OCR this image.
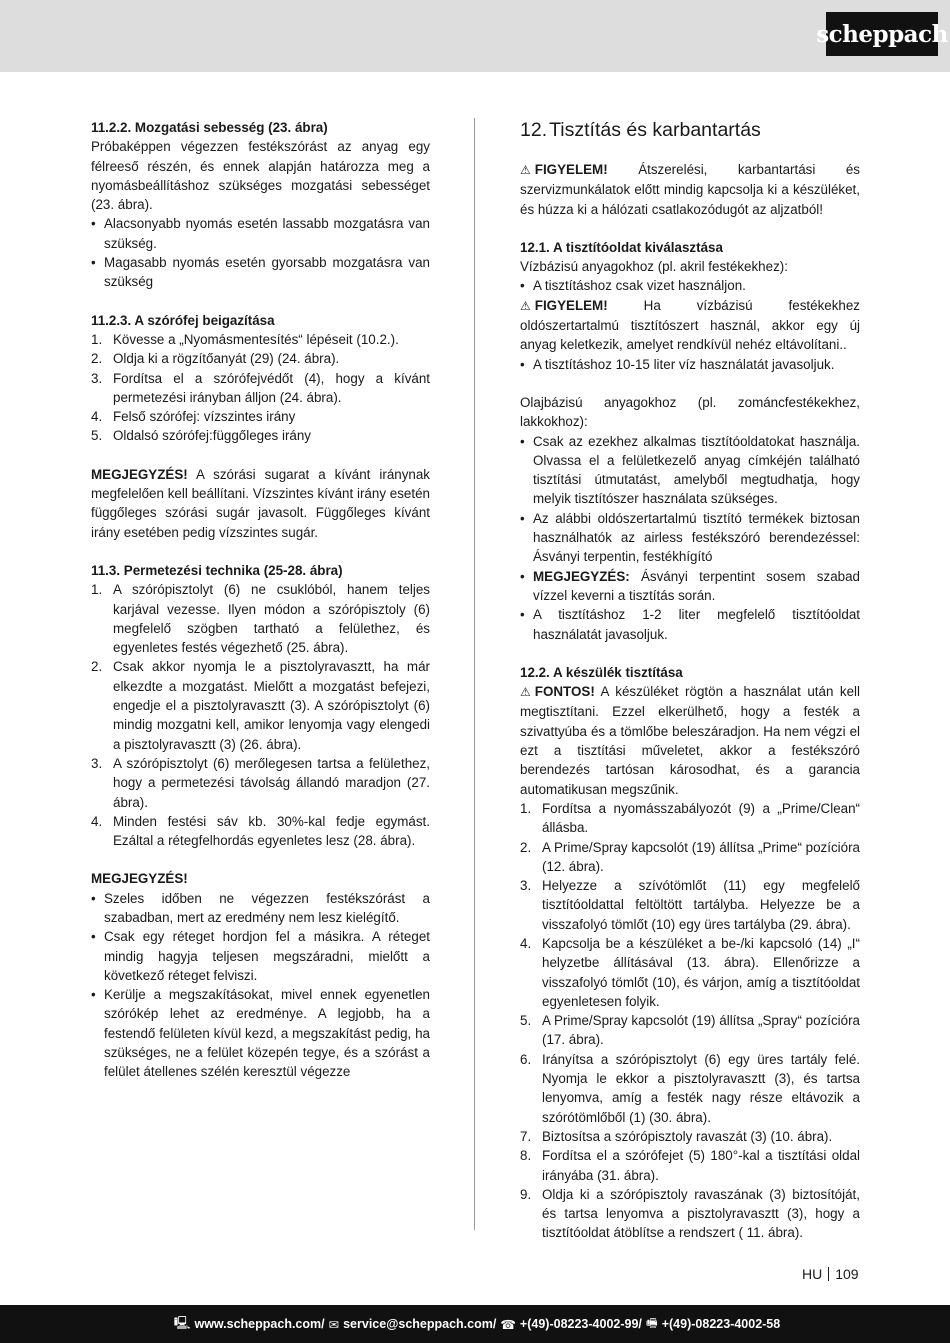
scheppach
11.2.2. Mozgatási sebesség (23. ábra)

Próbaképpen végezzen festékszórást az anyag egy félreeső részén, és ennek alapján határozza meg a nyomásbeállításhoz szükséges mozgatási sebességet (23. ábra).

• Alacsonyabb nyomás esetén lassabb mozgatásra van szükség.
• Magasabb nyomás esetén gyorsabb mozgatásra van szükség
11.2.3. A szórófej beigazítása
1. Kövesse a „Nyomásmentesítés“ lépéseit (10.2.).
2. Oldja ki a rögzítőanyát (29) (24. ábra).
3. Fordítsa el a szórófejvédőt (4), hogy a kívánt permetezési irányban álljon (24. ábra).
4. Felső szórófej: vízszintes irány
5. Oldalsó szórófej:függőleges irány

MEGJEGYZÉS! A szórási sugarat a kívánt iránynak megfelelően kell beállítani. Vízszintes kívánt irány esetén függőleges szórási sugár javasolt. Függőleges kívánt irány esetében pedig vízszintes sugár.

11.3. Permetezési technika (25-28. ábra)
1. A szórópisztolyt (6) ne csuklóból, hanem teljes karjával vezesse. Ilyen módon a szórópisztoly (6) megfelelő szögben tartható a felülethez, és egyenletes festés végezhető (25. ábra).
2. Csak akkor nyomja le a pisztolyravasztt, ha már elkezdte a mozgatást. Mielőtt a mozgatást befejezi, engedje el a pisztolyravasztt (3). A szórópisztolyt (6) mindig mozgatni kell, amikor lenyomja vagy elengedi a pisztolyravasztt (3) (26. ábra).
3. A szórópisztolyt (6) merőlegesen tartsa a felülethez, hogy a permetezési távolság állandó maradjon (27. ábra).
4. Minden festési sáv kb. 30%-kal fedje egymást. Ezáltal a rétegfelhordás egyenletes lesz (28. ábra).
MEGJEGYZÉS!
• Szeles időben ne végezzen festékszórást a szabadban, mert az eredmény nem lesz kielégítő.
• Csak egy réteget hordjon fel a másikra. A réteget mindig hagyja teljesen megszáradni, mielőtt a következő réteget felviszi.
• Kerülje a megszakításokat, mivel ennek egyenetlen szórókép lehet az eredménye. A legjobb, ha a festendő felületen kívül kezd, a megszakítást pedig, ha szükséges, ne a felület közepén tegye, és a szórást a felület átellenes szélén keresztül végezze
12. Tisztítás és karbantartás

⚠ FIGYELEM! Átszerelési, karbantartási és szervizmunkálatok előtt mindig kapcsolja ki a készüléket, és húzza ki a hálózati csatlakozódugót az aljzatból!

12.1. A tisztítóoldat kiválasztása

Vízbázisú anyagokhoz (pl. akril festékekhez):

• A tisztításhoz csak vizet használjon.

⚠ FIGYELEM! Ha vízbázisú festékekhez oldószertartalmú tisztítószert használ, akkor egy új anyag keletkezik, amelyet rendkívül nehéz eltávolítani..

• A tisztításhoz 10-15 liter víz használatát javasoljuk.

Olajbázisú anyagokhoz (pl. zománcfestékekhez, lakkokhoz):

• Csak az ezekhez alkalmas tisztítóoldatokat használja. Olvassa el a felületkezelő anyag címkéjén található tisztítási útmutatást, amelyből megtudhatja, hogy melyik tisztítószer használata szükséges.
• Az alábbi oldószertartalmú tisztító termékek biztosan használhatók az airless festékszóró berendezéssel: Ásványi terpentin, festékhígító
• MEGJEGYZÉS: Ásványi terpentint sosem szabad vízzel keverni a tisztítás során.
• A tisztításhoz 1-2 liter megfelelő tisztítóoldat használatát javasoljuk.
12.2. A készülék tisztítása

⚠ FONTOS! A készüléket rögtön a használat után kell megtisztítani. Ezzel elkerülhető, hogy a festék a szivattyúba és a tömlőbe beleszáradjon. Ha nem végzi el ezt a tisztítási műveletet, akkor a festékszóró berendezés tartósan károsodhat, és a garancia automatikusan megszűnik.

1. Fordítsa a nyomásszabályozót (9) a „Prime/Clean“ állásba.
2. A Prime/Spray kapcsolót (19) állítsa „Prime“ pozícióra (12. ábra).
3. Helyezze a szívótömlőt (11) egy megfelelő tisztítóoldattal feltöltött tartályba. Helyezze be a visszafolyó tömlőt (10) egy üres tartályba (29. ábra).
4. Kapcsolja be a készüléket a be-/ki kapcsoló (14) „I“ helyzetbe állításával (13. ábra). Ellenőrizze a visszafolyó tömlőt (10), és várjon, amíg a tisztítóoldat egyenletesen folyik.
5. A Prime/Spray kapcsolót (19) állítsa „Spray“ pozícióra (17. ábra).
6. Irányítsa a szórópisztolyt (6) egy üres tartály felé. Nyomja le ekkor a pisztolyravasztt (3), és tartsa lenyomva, amíg a festék nagy része eltávozik a szórótömlőből (1) (30. ábra).
7. Biztosítsa a szórópisztoly ravaszát (3) (10. ábra).
8. Fordítsa el a szórófejet (5) 180°-kal a tisztítási oldal irányába (31. ábra).
9. Oldja ki a szórópisztoly ravaszának (3) biztosítóját, és tartsa lenyomva a pisztolyravasztt (3), hogy a tisztítóoldat átöblítse a rendszert ( 11. ábra).
HU 109
🖳 www.scheppach.com / ✉ service@scheppach.com / ☎ +(49)-08223-4002-99 / 🖷 +(49)-08223-4002-58
